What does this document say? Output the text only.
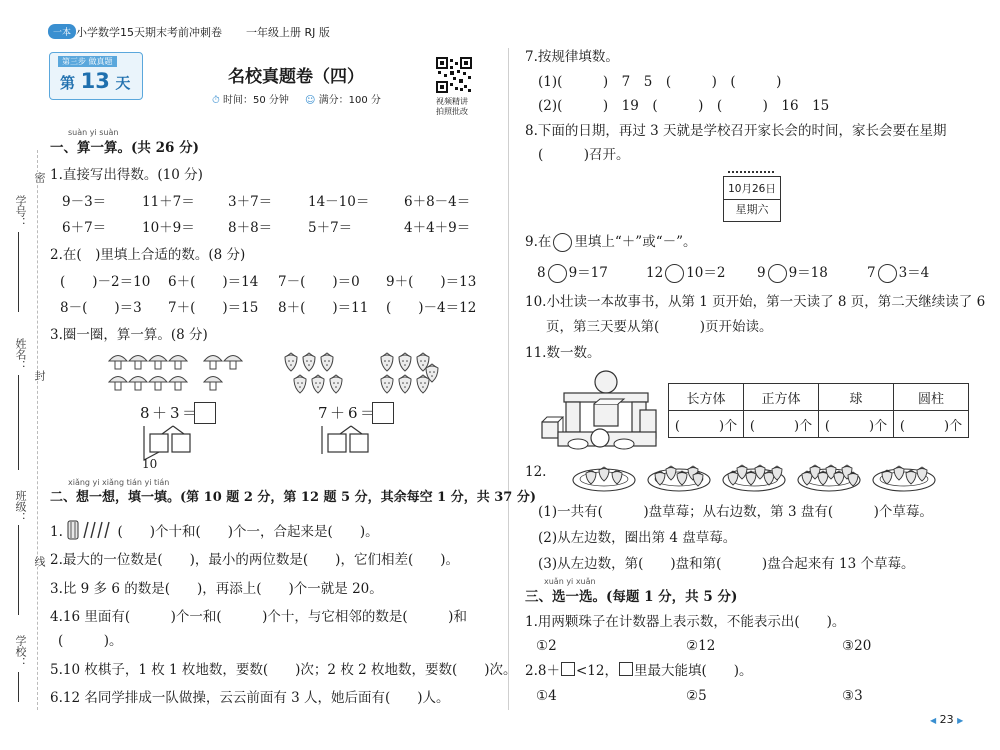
一本 小学数学15天期末考前冲刺卷 一年级上册 RJ 版
第三步 做真题
第 13 天	名校真题卷（四）
⏱ 时间：50 分钟 ☺ 满分：100 分	视频精讲
拍照批改
学号：
密
姓名：
封
班级：
线
学校：
suàn yi suàn
一、算一算。(共 26 分)
1.直接写出得数。(10 分)
9－3＝	11＋7＝ 3＋7＝	14－10＝	6＋8－4＝
6＋7＝	10＋9＝ 8＋8＝	5＋7＝	4＋4＋9＝
2.在(　)里填上合适的数。(8 分)
(　　)－2＝10 6＋(　　)＝14 7－(　　)＝0 9＋(　　)＝13
8－(　　)＝3 7＋(　　)＝15 8＋(　　)＝11 (　　)－4＝12
3.圈一圈，算一算。(8 分)
8 ＋ 3 ＝
10
7 ＋ 6 ＝
xiǎng yi xiǎng tián yi tián
二、想一想，填一填。(第 10 题 2 分，第 12 题 5 分，其余每空 1 分，共 37 分)
1.	(　　)个十和(　　)个一，合起来是(　　)。
2.最大的一位数是(　　)，最小的两位数是(　　)，它们相差(　　)。
3.比 9 多 6 的数是(　　)，再添上(　　)个一就是 20。
4.16 里面有(　　　)个一和(　　　)个十，与它相邻的数是(　　　)和
(　　　)。
5.10 枚棋子，1 枚 1 枚地数，要数(　　)次；2 枚 2 枚地数，要数(　　)次。
6.12 名同学排成一队做操，云云前面有 3 人，她后面有(　　)人。
7.按规律填数。
(1)(　　　)　7　5　(　　　)　(　　　)
(2)(　　　)　19　(　　　)　(　　　)　16　15
8.下面的日期，再过 3 天就是学校召开家长会的时间，家长会要在星期
(　　　)召开。
10月26日
星期六
9.在 里填上“＋”或“－”。
8 9＝17	12 10＝2 9 9＝18	7 3＝4
10.小壮读一本故事书，从第 1 页开始，第一天读了 8 页，第二天继续读了 6
页，第三天要从第(　　　)页开始读。
11.数一数。
长方体	正方体	球	圆柱
(　　　)个	(　　　)个	(　　　)个	(　　　)个
12.
(1)一共有(　　　)盘草莓；从右边数，第 3 盘有(　　　)个草莓。
(2)从左边数，圈出第 4 盘草莓。
(3)从左边数，第(　　)盘和第(　　　)盘合起来有 13 个草莓。
xuǎn yi xuǎn
三、选一选。(每题 1 分，共 5 分)
1.用两颗珠子在计数器上表示数，不能表示出(　　)。
①2	②12	③20
2.8＋ <12， 里最大能填(　　)。
①4	②5	③3
◀ 23 ▶
